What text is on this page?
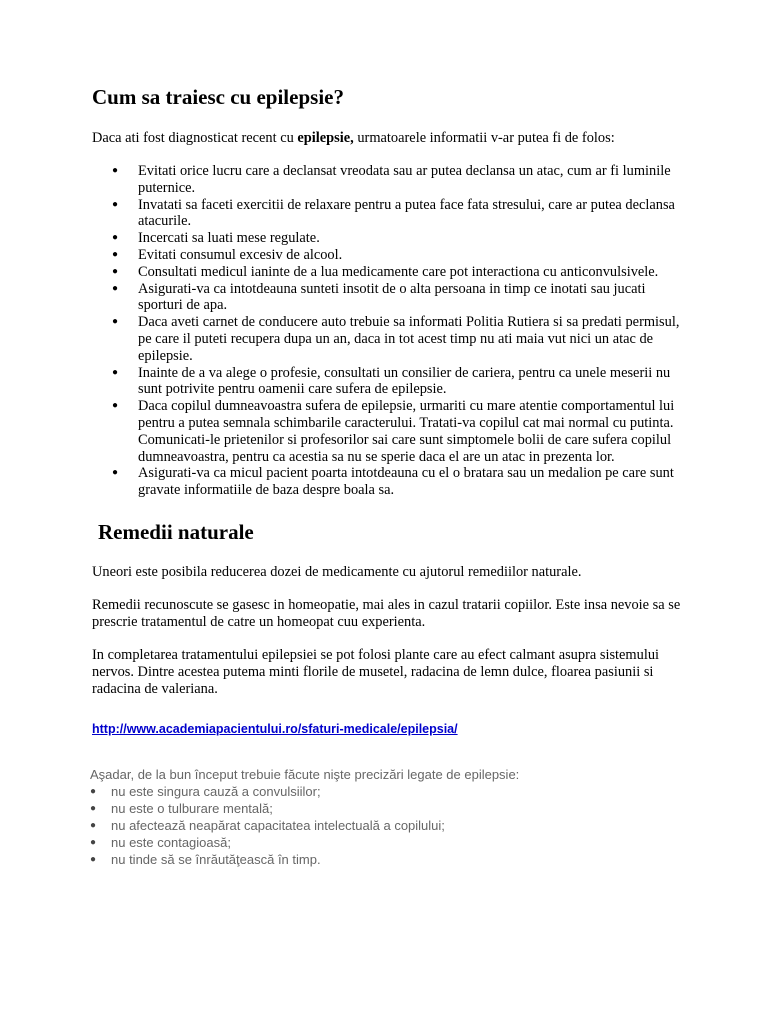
Cum sa traiesc cu epilepsie?

Daca ati fost diagnosticat recent cu epilepsie, urmatoarele informatii v-ar putea fi de folos:

● Evitati orice lucru care a declansat vreodata sau ar putea declansa un atac, cum ar fi luminile puternice.
● Invatati sa faceti exercitii de relaxare pentru a putea face fata stresului, care ar putea declansa atacurile.
● Incercati sa luati mese regulate.
● Evitati consumul excesiv de alcool.
● Consultati medicul ianinte de a lua medicamente care pot interactiona cu anticonvulsivele.
● Asigurati-va ca intotdeauna sunteti insotit de o alta persoana in timp ce inotati sau jucati sporturi de apa.
● Daca aveti carnet de conducere auto trebuie sa informati Politia Rutiera si sa predati permisul, pe care il puteti recupera dupa un an, daca in tot acest timp nu ati maia vut nici un atac de epilepsie.
● Inainte de a va alege o profesie, consultati un consilier de cariera, pentru ca unele meserii nu sunt potrivite pentru oamenii care sufera de epilepsie.
● Daca copilul dumneavoastra sufera de epilepsie, urmariti cu mare atentie comportamentul lui pentru a putea semnala schimbarile caracterului. Tratati-va copilul cat mai normal cu putinta. Comunicati-le prietenilor si profesorilor sai care sunt simptomele bolii de care sufera copilul dumneavoastra, pentru ca acestia sa nu se sperie daca el are un atac in prezenta lor.
● Asigurati-va ca micul pacient poarta intotdeauna cu el o bratara sau un medalion pe care sunt gravate informatiile de baza despre boala sa.
Remedii naturale

Uneori este posibila reducerea dozei de medicamente cu ajutorul remediilor naturale.

Remedii recunoscute se gasesc in homeopatie, mai ales in cazul tratarii copiilor. Este insa nevoie sa se prescrie tratamentul de catre un homeopat cuu experienta.

In completarea tratamentului epilepsiei se pot folosi plante care au efect calmant asupra sistemului nervos. Dintre acestea putema minti florile de musetel, radacina de lemn dulce, floarea pasiunii si radacina de valeriana.

http://www.academiapacientului.ro/sfaturi-medicale/epilepsia/
Aşadar, de la bun început trebuie făcute nişte precizări legate de epilepsie:
● nu este singura cauză a convulsiilor;
● nu este o tulburare mentală;
● nu afectează neapărat capacitatea intelectuală a copilului;
● nu este contagioasă;
● nu tinde să se înrăutăţească în timp.
